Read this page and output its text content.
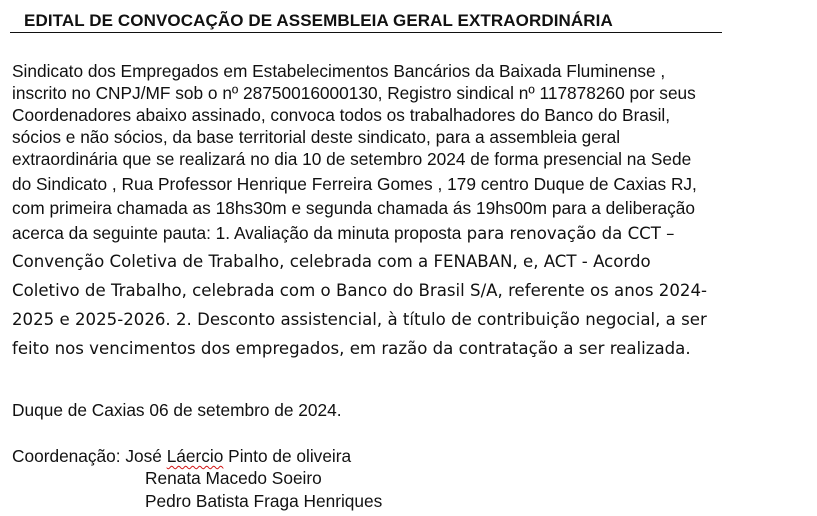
EDITAL DE CONVOCAÇÃO DE ASSEMBLEIA GERAL EXTRAORDINÁRIA
Sindicato dos Empregados em Estabelecimentos Bancários da Baixada Fluminense ,
inscrito no CNPJ/MF sob o nº 28750016000130, Registro sindical nº 117878260 por seus
Coordenadores abaixo assinado, convoca todos os trabalhadores do Banco do Brasil,
sócios e não sócios, da base territorial deste sindicato, para a assembleia geral
extraordinária que se realizará no dia 10 de setembro 2024 de forma presencial na Sede
do Sindicato , Rua Professor Henrique Ferreira Gomes , 179 centro Duque de Caxias RJ,
com primeira chamada as 18hs30m e segunda chamada ás 19hs00m para a deliberação
acerca da seguinte pauta: 1. Avaliação da minuta proposta para renovação da CCT –
Convenção Coletiva de Trabalho, celebrada com a FENABAN, e, ACT - Acordo
Coletivo de Trabalho, celebrada com o Banco do Brasil S/A, referente os anos 2024-
2025 e 2025-2026. 2. Desconto assistencial, à título de contribuição negocial, a ser
feito nos vencimentos dos empregados, em razão da contratação a ser realizada.
Duque de Caxias 06 de setembro de 2024.
Coordenação: José Láercio Pinto de oliveira
Renata Macedo Soeiro
Pedro Batista Fraga Henriques
